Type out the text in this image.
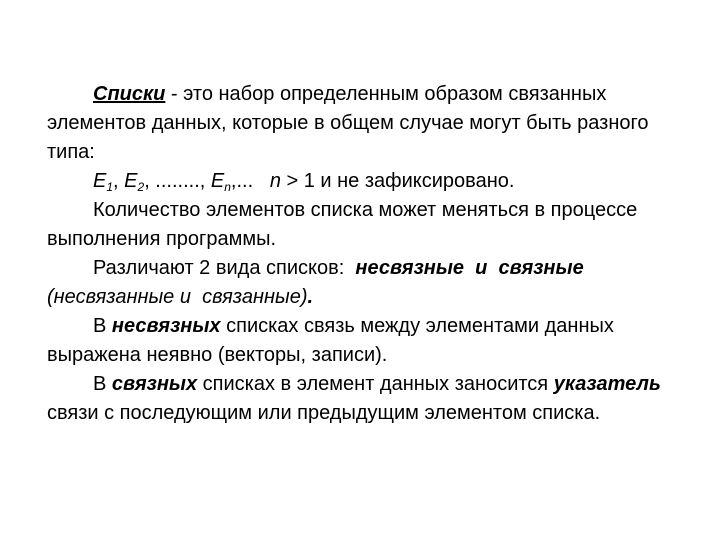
Списки - это набор определенным образом связанных элементов данных, которые в общем случае могут быть разного типа:

$E_1$, $E_2$, ........, $E_n$,...   n > 1 и не зафиксировано.

Количество элементов списка может меняться в процессе выполнения программы.

Различают 2 вида списков:  несвязные  и  связные (несвязанные и  связанные).

В несвязных списках связь между элементами данных выражена неявно (векторы, записи).

В связных списках в элемент данных заносится указатель связи с последующим или предыдущим элементом списка.
